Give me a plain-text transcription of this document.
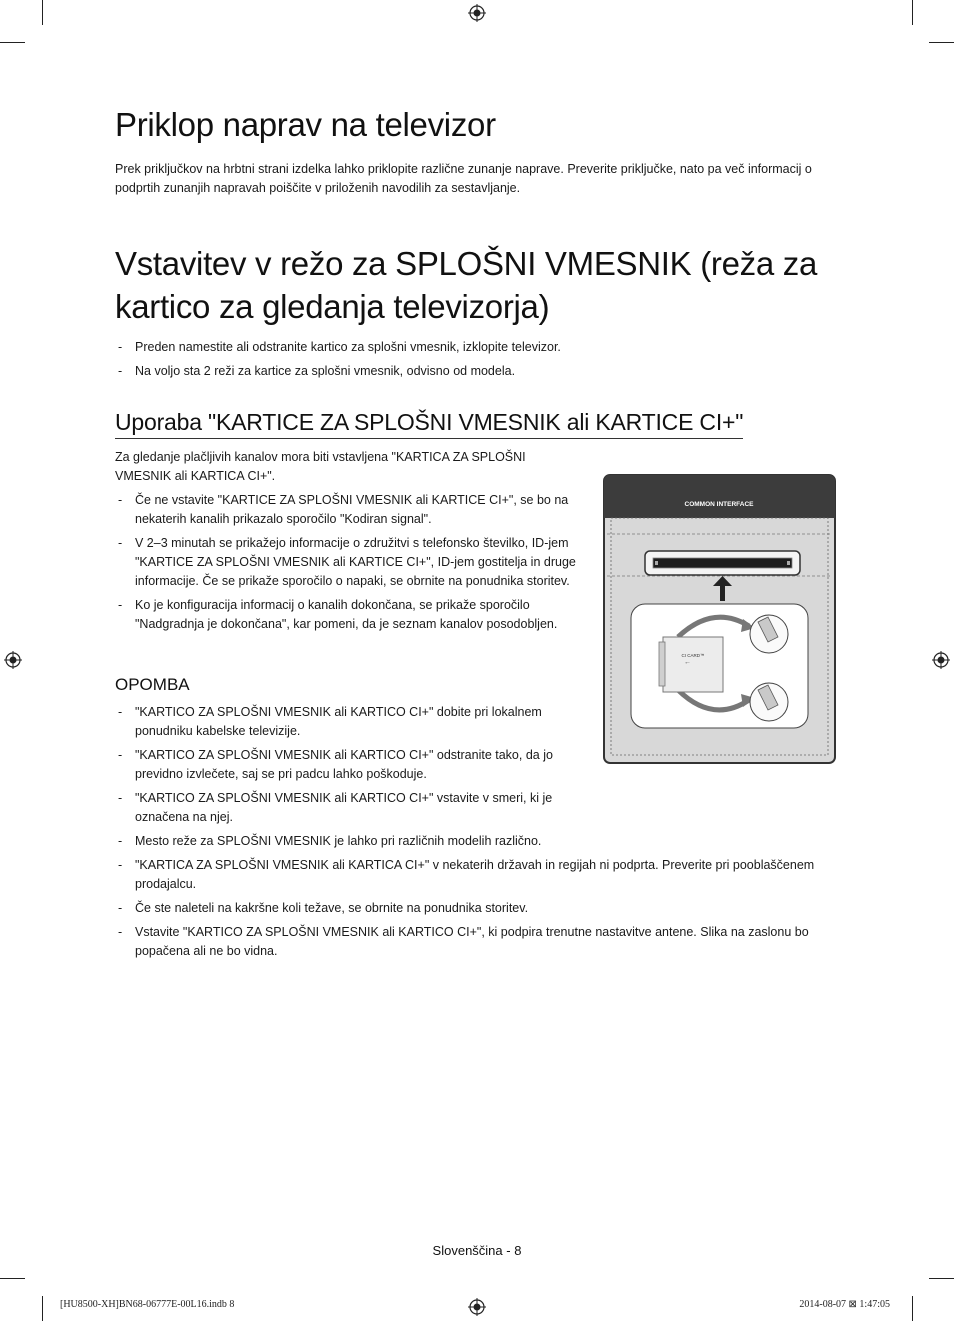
Priklop naprav na televizor

Prek priključkov na hrbtni strani izdelka lahko priklopite različne zunanje naprave. Preverite priključke, nato pa več informacij o podprtih zunanjih napravah poiščite v priloženih navodilih za sestavljanje.

Vstavitev v režo za SPLOŠNI VMESNIK (reža za kartico za gledanja televizorja)
- Preden namestite ali odstranite kartico za splošni vmesnik, izklopite televizor.
- Na voljo sta 2 reži za kartice za splošni vmesnik, odvisno od modela.
Uporaba "KARTICE ZA SPLOŠNI VMESNIK ali KARTICE CI+"

Za gledanje plačljivih kanalov mora biti vstavljena "KARTICA ZA SPLOŠNI VMESNIK ali KARTICA CI+".

- Če ne vstavite "KARTICE ZA SPLOŠNI VMESNIK ali KARTICE CI+", se bo na nekaterih kanalih prikazalo sporočilo "Kodiran signal".
- V 2–3 minutah se prikažejo informacije o združitvi s telefonsko številko, ID-jem "KARTICE ZA SPLOŠNI VMESNIK ali KARTICE CI+", ID-jem gostitelja in druge informacije. Če se prikaže sporočilo o napaki, se obrnite na ponudnika storitev.
- Ko je konfiguracija informacij o kanalih dokončana, se prikaže sporočilo "Nadgradnja je dokončana", kar pomeni, da je seznam kanalov posodobljen.
OPOMBA
- "KARTICO ZA SPLOŠNI VMESNIK ali KARTICO CI+" dobite pri lokalnem ponudniku kabelske televizije.
- "KARTICO ZA SPLOŠNI VMESNIK ali KARTICO CI+" odstranite tako, da jo previdno izvlečete, saj se pri padcu lahko poškoduje.
- "KARTICO ZA SPLOŠNI VMESNIK ali KARTICO CI+" vstavite v smeri, ki je označena na njej.
- Mesto reže za SPLOŠNI VMESNIK je lahko pri različnih modelih različno.
- "KARTICA ZA SPLOŠNI VMESNIK ali KARTICA CI+" v nekaterih državah in regijah ni podprta. Preverite pri pooblaščenem prodajalcu.
- Če ste naleteli na kakršne koli težave, se obrnite na ponudnika storitev.
- Vstavite "KARTICO ZA SPLOŠNI VMESNIK ali KARTICO CI+", ki podpira trenutne nastavitve antene. Slika na zaslonu bo popačena ali ne bo vidna.
COMMON INTERFACE
CI CARD™
←
Slovenščina - 8
[HU8500-XH]BN68-06777E-00L16.indb 8	2014-08-07 ⊠ 1:47:05
